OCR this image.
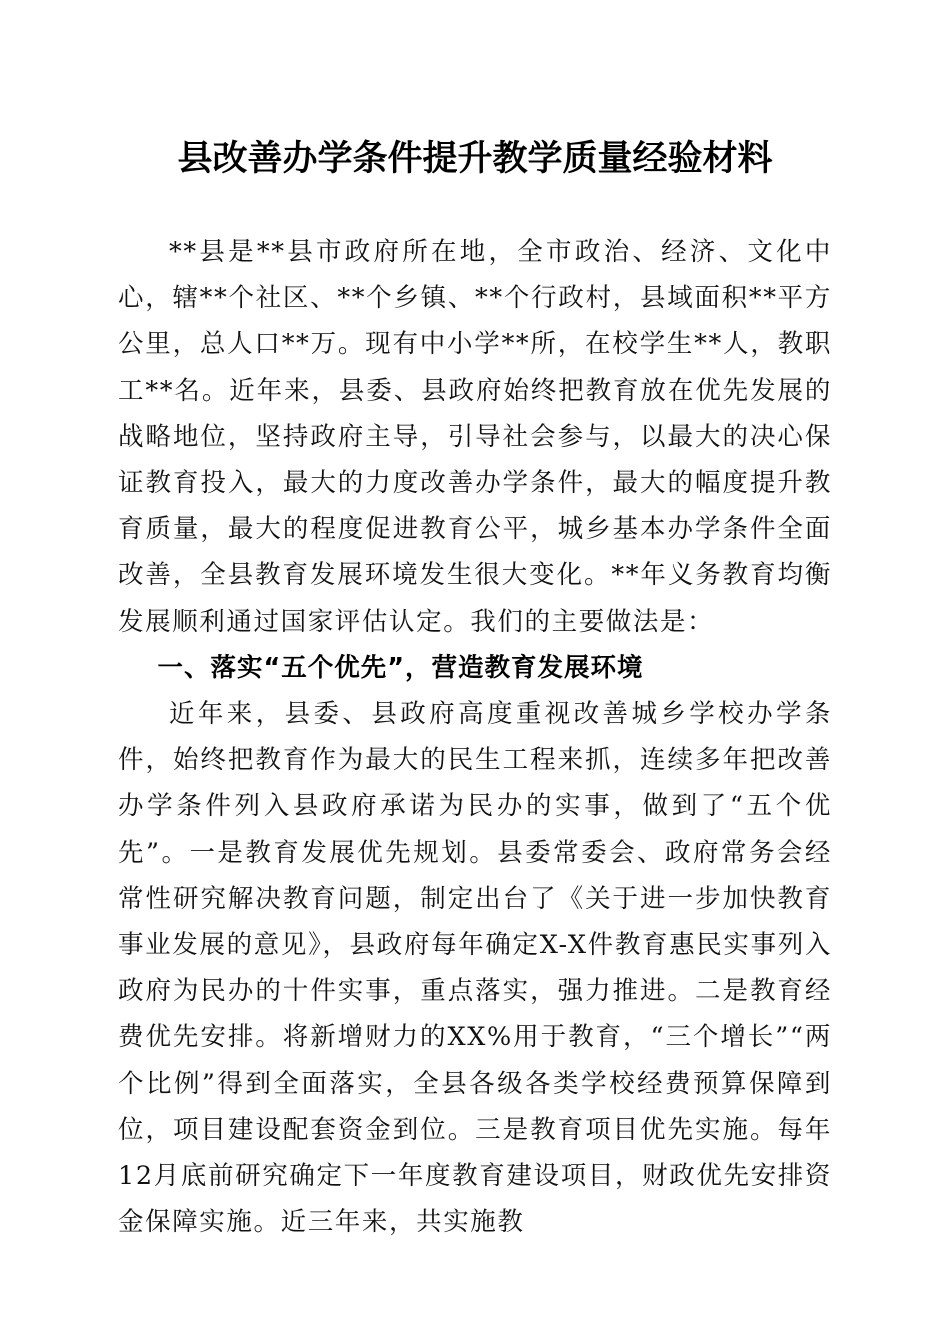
县改善办学条件提升教学质量经验材料

**县是**县市政府所在地，全市政治、经济、文化中心，辖**个社区、**个乡镇、**个行政村，县域面积**平方公里，总人口**万。现有中小学**所，在校学生**人，教职工**名。近年来，县委、县政府始终把教育放在优先发展的战略地位，坚持政府主导，引导社会参与，以最大的决心保证教育投入，最大的力度改善办学条件，最大的幅度提升教育质量，最大的程度促进教育公平，城乡基本办学条件全面改善，全县教育发展环境发生很大变化。**年义务教育均衡发展顺利通过国家评估认定。我们的主要做法是：

一、落实“五个优先”，营造教育发展环境

近年来，县委、县政府高度重视改善城乡学校办学条件，始终把教育作为最大的民生工程来抓，连续多年把改善办学条件列入县政府承诺为民办的实事，做到了“五个优先”。一是教育发展优先规划。县委常委会、政府常务会经常性研究解决教育问题，制定出台了《关于进一步加快教育事业发展的意见》，县政府每年确定X-X件教育惠民实事列入政府为民办的十件实事，重点落实，强力推进。二是教育经费优先安排。将新增财力的XX%用于教育，“三个增长”“两个比例”得到全面落实，全县各级各类学校经费预算保障到位，项目建设配套资金到位。三是教育项目优先实施。每年12月底前研究确定下一年度教育建设项目，财政优先安排资金保障实施。近三年来，共实施教
